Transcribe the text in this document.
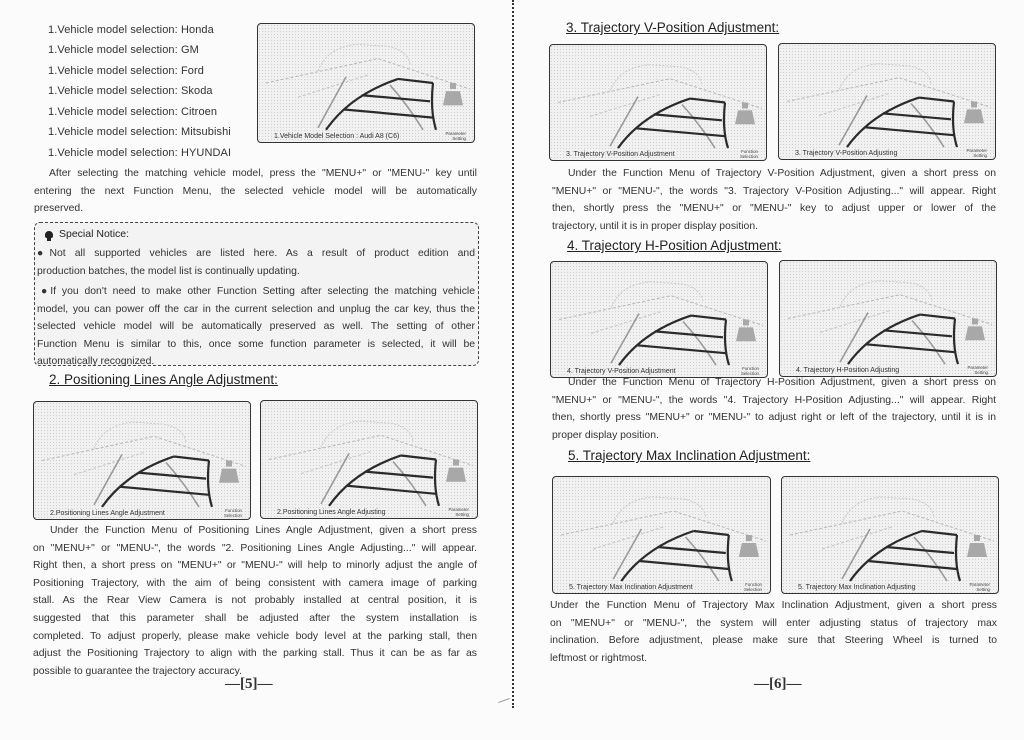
1.Vehicle model selection: Honda
1.Vehicle model selection: GM
1.Vehicle model selection: Ford
1.Vehicle model selection: Skoda
1.Vehicle model selection: Citroen
1.Vehicle model selection: Mitsubishi
1.Vehicle model selection: HYUNDAI
1.Vehicle Model Selection : Audi A8 (C6)	Parameter
Setting
After selecting the matching vehicle model, press the "MENU+" or "MENU-" key until
entering the next Function Menu, the selected vehicle model will be automatically
preserved.
Special Notice:
●Not all supported vehicles are listed here. As a result of product edition and
production batches, the model list is continually updating.
●If you don't need to make other Function Setting after selecting the matching vehicle
model, you can power off the car in the current selection and unplug the car key, thus the
selected vehicle model will be automatically preserved as well. The setting of other
Function Menu is similar to this, once some function parameter is selected, it will be
automatically recognized.
2. Positioning Lines Angle Adjustment:
2.Positioning Lines Angle Adjustment	Function
Selection	2.Positioning Lines Angle Adjusting	Parameter
Setting
Under the Function Menu of Positioning Lines Angle Adjustment, given a short press
on "MENU+" or "MENU-", the words "2. Positioning Lines Angle Adjusting..." will appear.
Right then, a short press on "MENU+" or "MENU-" will help to minorly adjust the angle of
Positioning Trajectory, with the aim of being consistent with camera image of parking
stall. As the Rear View Camera is not probably installed at central position, it is
suggested that this parameter shall be adjusted after the system installation is
completed. To adjust properly, please make vehicle body level at the parking stall, then
adjust the Positioning Trajectory to align with the parking stall. Thus it can be as far as
possible to guarantee the trajectory accuracy.
—[5]—
3. Trajectory V-Position Adjustment:
3. Trajectory V-Position Adjustment	Function
Selection	3. Trajectory V-Position Adjusting	Parameter
Setting
Under the Function Menu of Trajectory V-Position Adjustment, given a short press on
"MENU+" or "MENU-", the words "3. Trajectory V-Position Adjusting..." will appear. Right
then, shortly press the "MENU+" or "MENU-" key to adjust upper or lower of the
trajectory, until it is in proper display position.
4. Trajectory H-Position Adjustment:
4. Trajectory V-Position Adjustment	Function
Selection	4. Trajectory H-Position Adjusting	Parameter
Setting
Under the Function Menu of Trajectory H-Position Adjustment, given a short press on
"MENU+" or "MENU-", the words "4. Trajectory H-Position Adjusting..." will appear. Right
then, shortly press "MENU+" or "MENU-" to adjust right or left of the trajectory, until it is in
proper display position.
5. Trajectory Max Inclination Adjustment:
5. Trajectory Max Inclination Adjustment	Function
Selection	5. Trajectory Max Inclination Adjusting	Parameter
Setting
Under the Function Menu of Trajectory Max Inclination Adjustment, given a short press
on "MENU+" or "MENU-", the system will enter adjusting status of trajectory max
inclination. Before adjustment, please make sure that Steering Wheel is turned to
leftmost or rightmost.
—[6]—
